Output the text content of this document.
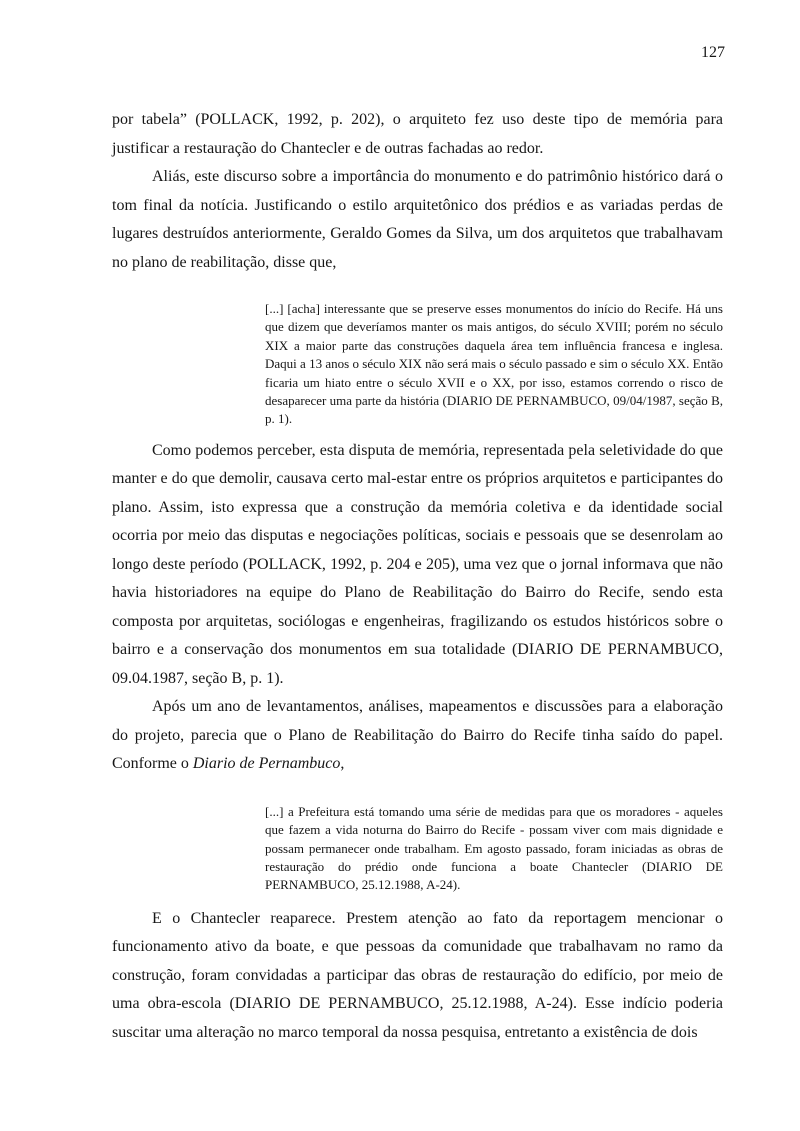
127

por tabela” (POLLACK, 1992, p. 202), o arquiteto fez uso deste tipo de memória para justificar a restauração do Chantecler e de outras fachadas ao redor.

Aliás, este discurso sobre a importância do monumento e do patrimônio histórico dará o tom final da notícia. Justificando o estilo arquitetônico dos prédios e as variadas perdas de lugares destruídos anteriormente, Geraldo Gomes da Silva, um dos arquitetos que trabalhavam no plano de reabilitação, disse que,

[...] [acha] interessante que se preserve esses monumentos do início do Recife. Há uns que dizem que deveríamos manter os mais antigos, do século XVIII; porém no século XIX a maior parte das construções daquela área tem influência francesa e inglesa. Daqui a 13 anos o século XIX não será mais o século passado e sim o século XX. Então ficaria um hiato entre o século XVII e o XX, por isso, estamos correndo o risco de desaparecer uma parte da história (DIARIO DE PERNAMBUCO, 09/04/1987, seção B, p. 1).

Como podemos perceber, esta disputa de memória, representada pela seletividade do que manter e do que demolir, causava certo mal-estar entre os próprios arquitetos e participantes do plano. Assim, isto expressa que a construção da memória coletiva e da identidade social ocorria por meio das disputas e negociações políticas, sociais e pessoais que se desenrolam ao longo deste período (POLLACK, 1992, p. 204 e 205), uma vez que o jornal informava que não havia historiadores na equipe do Plano de Reabilitação do Bairro do Recife, sendo esta composta por arquitetas, sociólogas e engenheiras, fragilizando os estudos históricos sobre o bairro e a conservação dos monumentos em sua totalidade (DIARIO DE PERNAMBUCO, 09.04.1987, seção B, p. 1).

Após um ano de levantamentos, análises, mapeamentos e discussões para a elaboração do projeto, parecia que o Plano de Reabilitação do Bairro do Recife tinha saído do papel. Conforme o Diario de Pernambuco,

[...] a Prefeitura está tomando uma série de medidas para que os moradores - aqueles que fazem a vida noturna do Bairro do Recife - possam viver com mais dignidade e possam permanecer onde trabalham. Em agosto passado, foram iniciadas as obras de restauração do prédio onde funciona a boate Chantecler (DIARIO DE PERNAMBUCO, 25.12.1988, A-24).

E o Chantecler reaparece. Prestem atenção ao fato da reportagem mencionar o funcionamento ativo da boate, e que pessoas da comunidade que trabalhavam no ramo da construção, foram convidadas a participar das obras de restauração do edifício, por meio de uma obra-escola (DIARIO DE PERNAMBUCO, 25.12.1988, A-24). Esse indício poderia suscitar uma alteração no marco temporal da nossa pesquisa, entretanto a existência de dois
